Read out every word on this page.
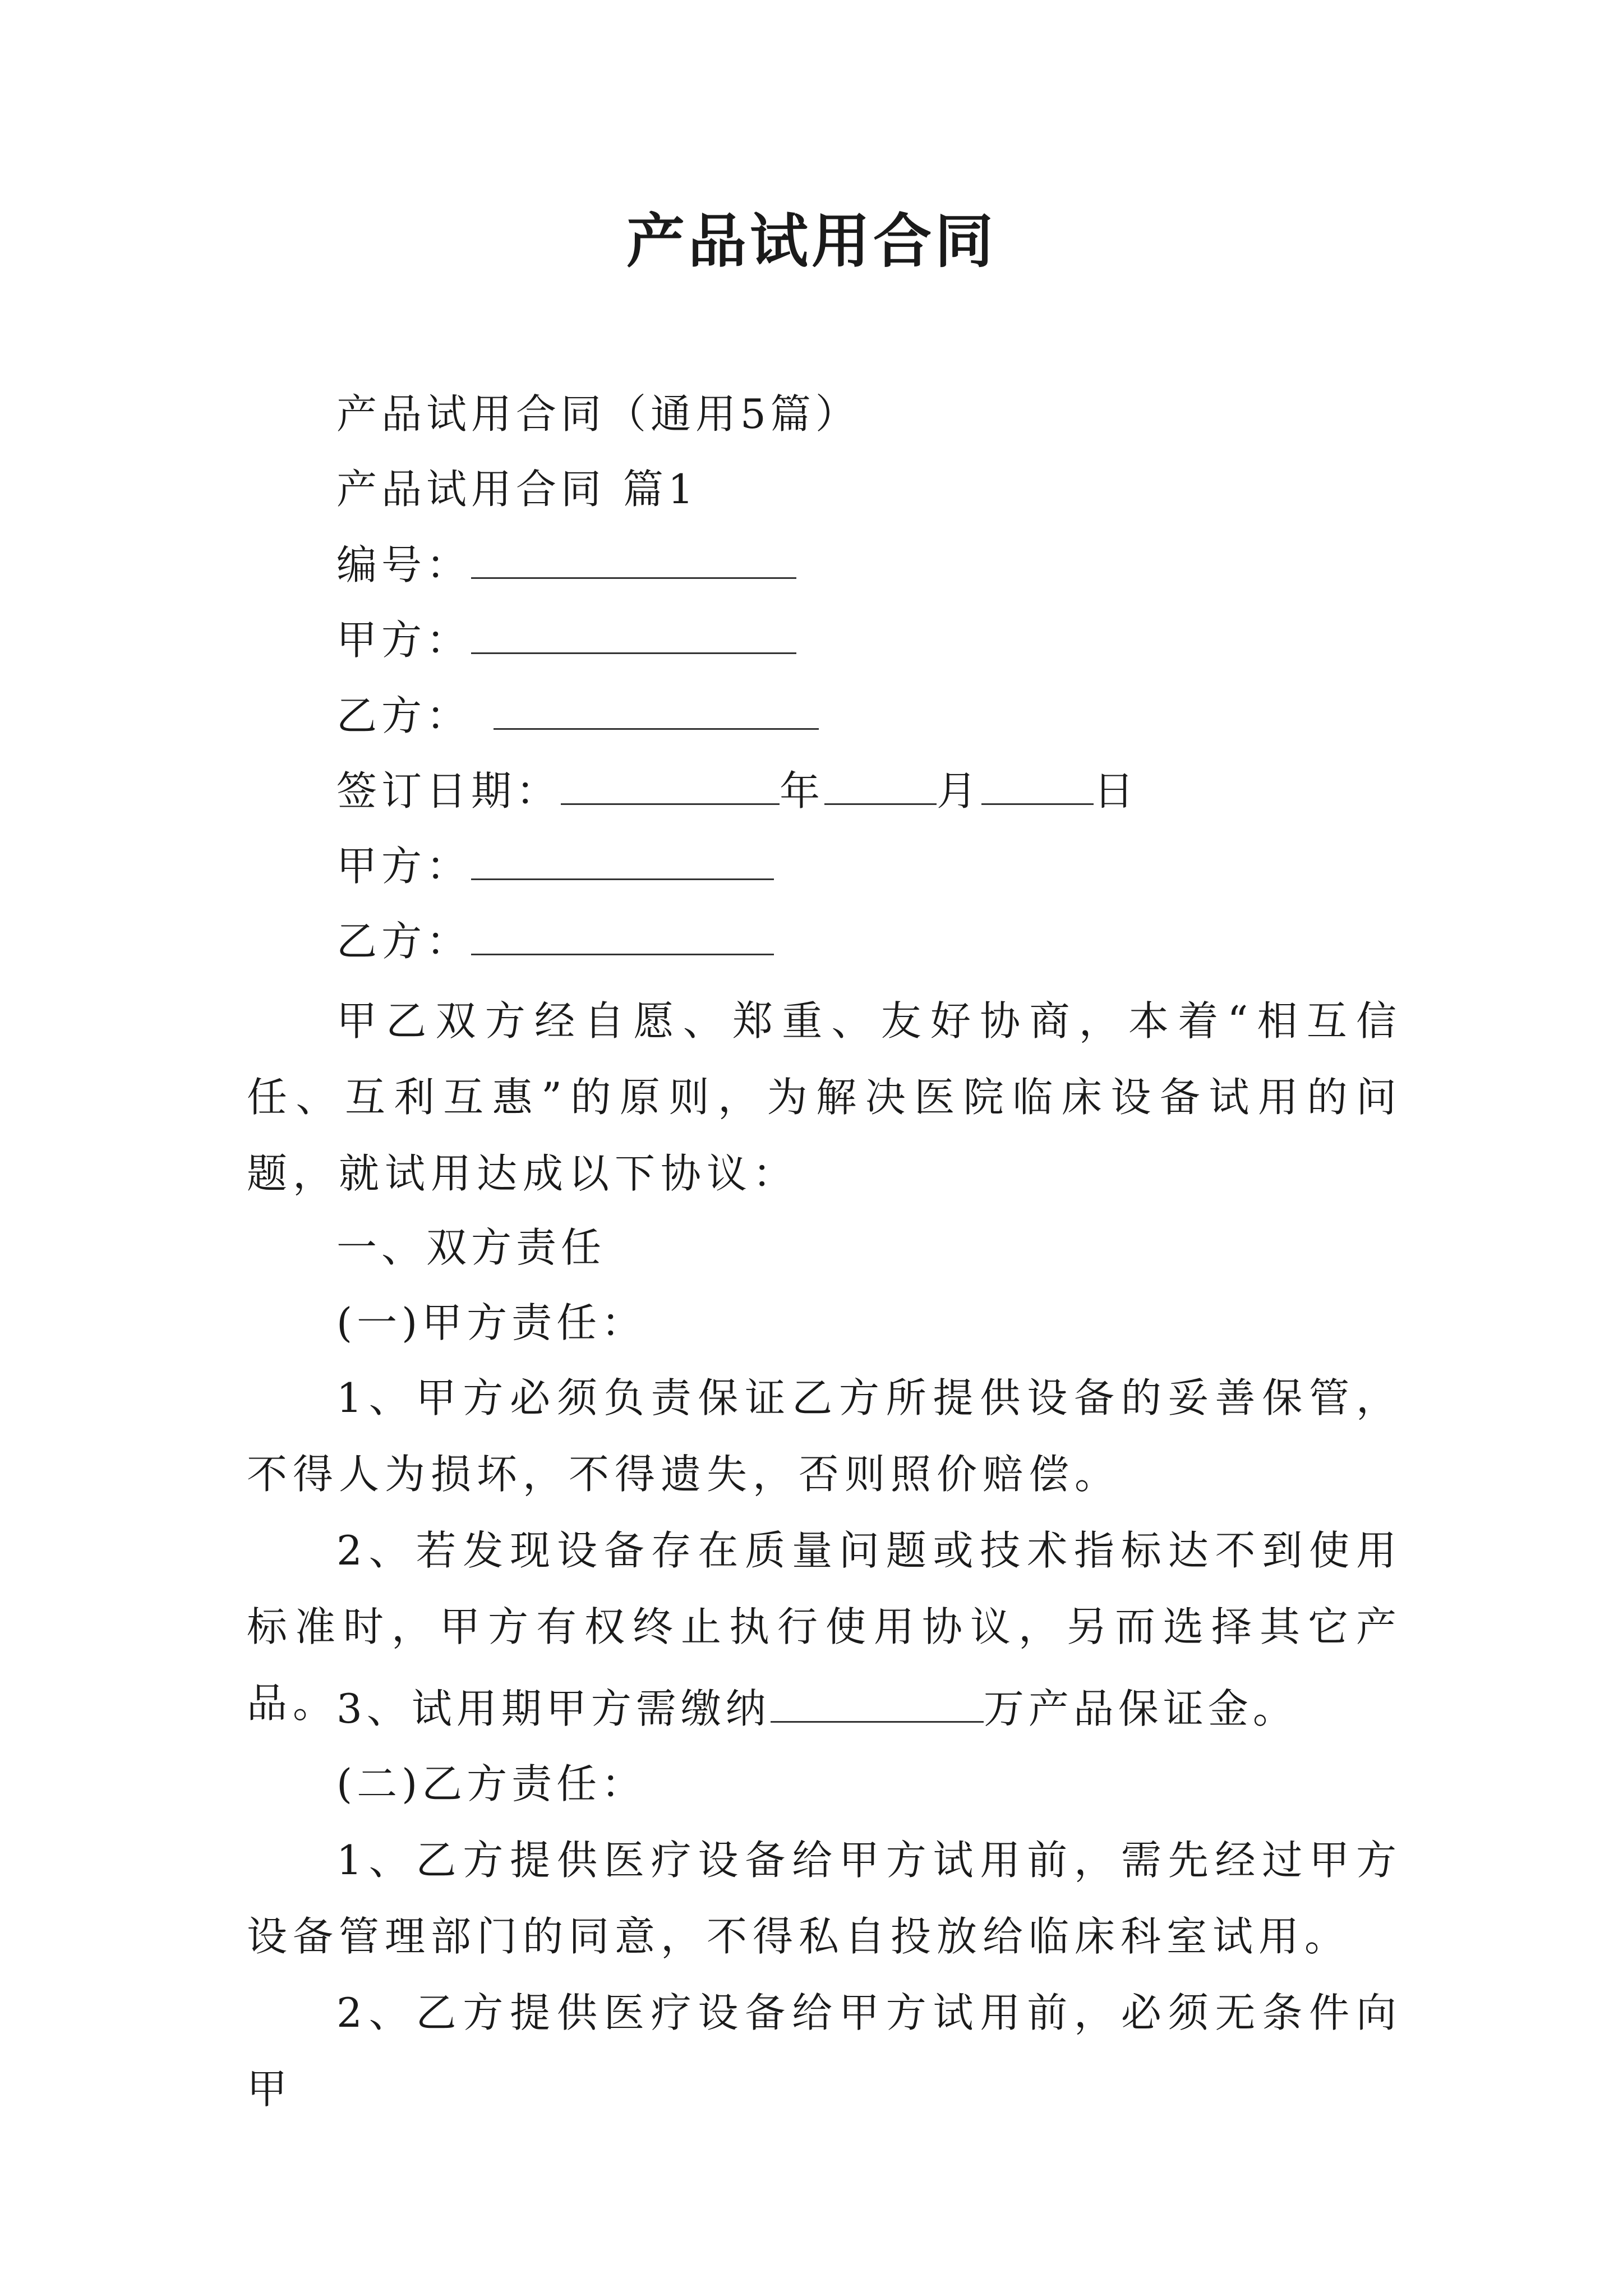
产品试用合同
产品试用合同（通用5篇）
产品试用合同 篇1
编号：
甲方：
乙方：
签订日期：	年	月	日
甲方：
乙方：
甲乙双方经自愿、郑重、友好协商，本着“相互信任、互利互惠”的原则，为解决医院临床设备试用的问题，就试用达成以下协议：
一、双方责任
(一)甲方责任：
1、甲方必须负责保证乙方所提供设备的妥善保管，不得人为损坏，不得遗失，否则照价赔偿。
2、若发现设备存在质量问题或技术指标达不到使用标准时，甲方有权终止执行使用协议，另而选择其它产品。
3、试用期甲方需缴纳	万产品保证金。
(二)乙方责任：
1、乙方提供医疗设备给甲方试用前，需先经过甲方设备管理部门的同意，不得私自投放给临床科室试用。
2、乙方提供医疗设备给甲方试用前，必须无条件向甲
